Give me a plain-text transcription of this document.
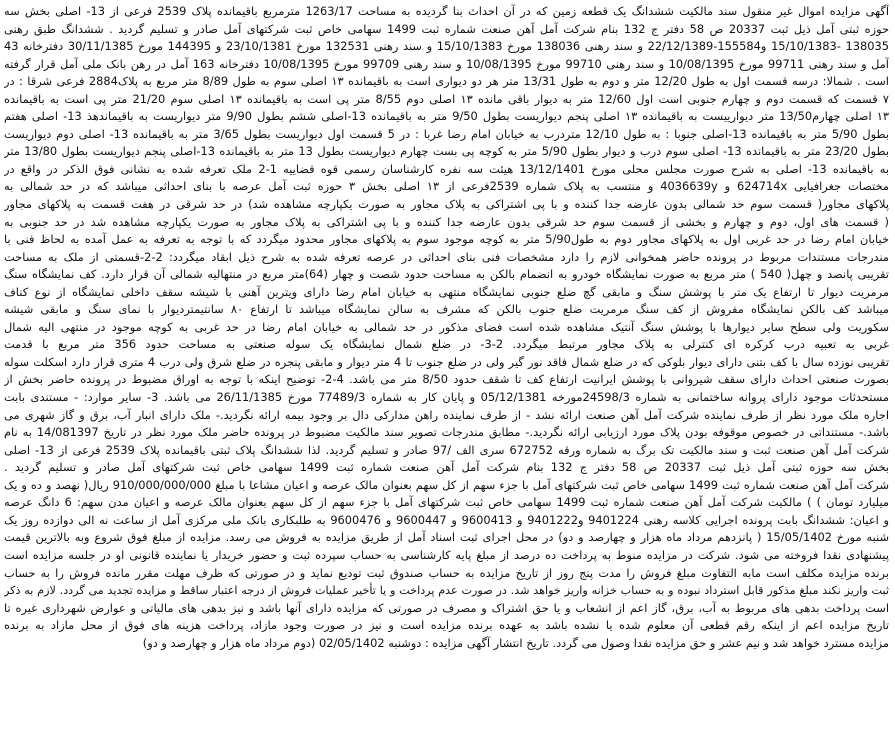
آگهی مزایده اموال غیر منقول سند مالکیت ششدانگ یک قطعه زمین که در آن احداث بنا گردیده به مساحت 1263/17 مترمربع باقیمانده پلاک 2539 فرعی از 13- اصلی بخش سه
حوزه ثبتی آمل ذیل ثبت 20337 ص 58 دفتر ج 132 بنام شرکت آمل آهن صنعت شماره ثبت 1499 سهامی خاص ثبت شرکتهای آمل صادر و تسلیم گردید . ششدانگ طبق رهنی
138035 -15/10/1383 و155584-22/12/1389 و سند رهنی 138036 مورخ 15/10/1383 و سند رهنی 132531 مورخ 23/10/1381 و 144395 مورخ 30/11/1385 دفترخانه 43
آمل و سند رهنی 99711 مورخ 10/08/1395 و سند رهنی 99710 مورخ 10/08/1395 و سند رهنی 99709 مورخ 10/08/1395 دفترخانه 163 آمل در رهن بانک ملی آمل قرار گرفته
است . شمالا: درسه قسمت اول به طول 12/20 متر و دوم به طول 13/31 متر هر دو دیواری است به باقیمانده ۱۳ اصلی سوم به طول 8/89 متر مربع به پلاک2884 فرعی شرقا : در
۷ قسمت که قسمت دوم و چهارم جنوبی است اول 12/60 متر به دیوار باقی مانده ۱۳ اصلی دوم 8/55 متر پی است به باقیمانده ۱۳ اصلی سوم 21/20 متر پی است به باقیمانده
۱۳ اصلی چهارم13/50 متر دیوارییست به باقیمانده ۱۳ اصلی پنجم دیواریست بطول 9/50 متر به باقیمانده 13-اصلی ششم بطول 9/90 متر دیواریست به باقیماندهذ 13- اصلی هفتم
بطول 5/90 متر به باقیمانده 13-اصلی جنوبا : به طول 12/10 متردرب به خیابان امام رضا غربا : در 5 قسمت اول دیواریست بطول 3/65 متر به باقیمانده 13- اصلی دوم دیواریست
بطول 23/20 متر به باقیمانده 13- اصلی سوم درب و دیوار بطول 5/90 متر به کوچه پی بست چهارم دیواریست بطول 13 متر به باقیمانده 13-اصلی پنجم دیواریست بطول 13/80 متر
به باقیمانده 13- اصلی به شرح صورت مجلس محلی مورخ 13/12/1401 هیئت سه نفره کارشناسان رسمی قوه قضاییه 1-2 ملک تعرفه شده به نشانی فوق الذکر در واقع در
مختصات جغرافیایی 624714x و 4036639y و منتسب به پلاک شماره 2539فرعی از ۱۳ اصلی بخش ۳ حوزه ثبت آمل عرصه با بنای احداثی میباشد که در حد شمالی به
پلاکهای مجاور( قسمت سوم حد شمالی بدون عارضه جدا کننده و با پی اشتراکی به پلاک مجاور به صورت یکپارچه مشاهده شد) در حد شرقی در هفت قسمت به پلاکهای مجاور
( قسمت های اول، دوم و چهارم و بخشی از قسمت سوم حد شرقی بدون عارضه جدا کننده و با پی اشتراکی به پلاک مجاور به صورت یکپارچه مشاهده شد در حد جنوبی به
خیابان امام رضا در حد غربی اول به پلاکهای مجاور دوم به طول5/90 متر به کوچه موجود سوم به پلاکهای مجاور محدود میگردد که با توجه به تعرفه به عمل آمده به لحاظ فنی با
مندرجات مستندات مربوط در پرونده حاضر همخوانی لازم را دارد مشخصات فنی بنای احداثی در عرصه تعرفه شده به شرح ذیل ابقاد میگردد: 2-2-قسمتی از ملک به مساحت
تقریبی پانصد و چهل( 540 ) متر مربع به صورت نمایشگاه خودرو به انضمام بالکن به مساحت حدود شصت و چهار (64)متر مربع در منتهالیه شمالی آن قرار دارد. کف نمایشگاه سنگ
مرمریت دیوار تا ارتفاع یک متر با پوشش سنگ و مابقی گچ ضلع جنوبی نمایشگاه منتهی به خیابان امام رضا دارای ویترین آهنی با شیشه سقف داخلی نمایشگاه از نوع کناف
میباشد کف بالکن نمایشگاه مفروش از کف سنگ مرمریت ضلع جنوب بالکن که مشرف به سالن نمایشگاه میباشد تا ارتفاع ۸۰ سانتیمتردیوار با نمای سنگ و مابقی شیشه
سکوریت ولی سطح سایر دیوارها با پوشش سنگ آنتیک مشاهده شده است فضای مذکور در حد شمالی به خیابان امام رضا در حد غربی به کوچه موجود در منتهی الیه شمال
غربی به تعبیه درب کرکره ای کنترلی به پلاک مجاور مرتبط میگردد. 2-3- در ضلع شمال نمایشگاه یک سوله صنعتی به مساحت حدود 356 متر مربع با قدمت
تقریبی نوزده سال با کف بتنی دارای دیوار بلوکی که در ضلع شمال فاقد نور گیر ولی در ضلع جنوب تا 4 متر دیوار و مابقی پنجره در ضلع شرق ولی درب 4 متری قرار دارد اسکلت سوله
بصورت صنعتی احداث دارای سقف شیروانی با پوشش ایرانیت ارتفاع کف تا شقف حدود 8/50 متر می باشد. 4-2- توضیح اینکه با توجه به اوراق مضبوط در پرونده حاضر بخش از
مستحدثات موجود دارای پروانه ساختمانی به شماره 24598/3مورخه 05/12/1381 و پایان کار به شماره 77489/3 مورخ 26/11/1385 می باشد. 3- سایر موارد: - مستندی بابت
اجاره ملک مورد نظر از طرف نماینده شرکت آمل آهن صنعت ارائه نشد - از طرف نماینده راهن مدارکی دال بر وجود بیمه ارائه نگردید.- ملک دارای انبار آب، برق و گاز شهری می
باشد.- مستنداتی در خصوص موقوفه بودن پلاک مورد ارزیابی ارائه نگردید.- مطابق مندرجات تصویر سند مالکیت مضبوط در پرونده حاضر ملک مورد نظر در تاریخ 14/081397 به نام
شرکت آمل آهن صنعت ثبت و سند مالکیت تک برگ به شماره ورقه 672752 سری الف /97 صادر و تسلیم گردید. لذا ششدانگ پلاک ثبتی باقیمانده پلاک 2539 فرعی از 13- اصلی
بخش سه حوزه ثبتی آمل ذیل ثبت 20337 ص 58 دفتر ج 132 بنام شرکت آمل آهن صنعت شماره ثبت 1499 سهامی خاص ثبت شرکتهای آمل صادر و تسلیم گردید .
شرکت آمل آهن صنعت شماره ثبت 1499 سهامی خاص ثبت شرکتهای آمل با جزء سهم از کل سهم بعنوان مالک عرصه و اعیان مشاعا با مبلغ 910/000/000/000 ریال( نهصد و ده و یک
میلیارد تومان ) ) مالکیت شرکت آمل آهن صنعت شماره ثبت 1499 سهامی خاص ثبت شرکتهای آمل با جزء سهم از کل سهم بعنوان مالک عرصه و اعیان مدن سهم: 6 دانگ عرصه
و اعیان: ششدانگ بابت پرونده اجرایی کلاسه رهنی 9401224 و9401222 و 9600413 و 9600447 و 9600476 به طلبکاری بانک ملی مرکزی آمل از ساعت نه الی دوازده روز یک
شنبه مورخ 15/05/1402 ( پانزدهم مرداد ماه هزار و چهارصد و دو) در محل اجرای ثبت اسناد آمل از طریق مزایده به فروش می رسد. مزایده از مبلغ فوق شروع وبه بالاترین قیمت
پیشنهادی نقدا فروخته می شود. شرکت در مزایده منوط به پرداخت ده درصد از مبلغ پایه کارشناسی به حساب سپرده ثبت و حضور خریدار یا نماینده قانونی او در جلسه مزایده است
برنده مزایده مکلف است مابه التفاوت مبلغ فروش را مدت پنج روز از تاریخ مزایده به حساب صندوق ثبت تودیع نماید و در صورتی که ظرف مهلت مقرر مانده فروش را به حساب
ثبت واریز نکند مبلغ مذکور قابل استرداد نبوده و به حساب خزانه واریز خواهد شد. در صورت عدم پرداخت و یا تأخیر عملیات فروش از درجه اعتبار ساقط و مزایده تجدید می گردد. لازم به ذکر
است پرداخت بدهی های مربوط به آب، برق، گاز اعم از انشعاب و یا حق اشتراک و مصرف در صورتی که مزایده دارای آنها باشد و نیز بدهی های مالیاتی و عوارض شهرداری غیره تا
تاریخ مزایده اعم از اینکه رقم قطعی آن معلوم شده یا نشده باشد به عهده برنده مزایده است و نیز در صورت وجود مازاد، پرداخت هزینه های فوق از محل مازاد به برنده
مزایده مسترد خواهد شد و نیم عشر و حق مزایده نقدا وصول می گردد. تاریخ انتشار آگهی مزایده : دوشنبه 02/05/1402 (دوم مرداد ماه هزار و چهارصد و دو)
